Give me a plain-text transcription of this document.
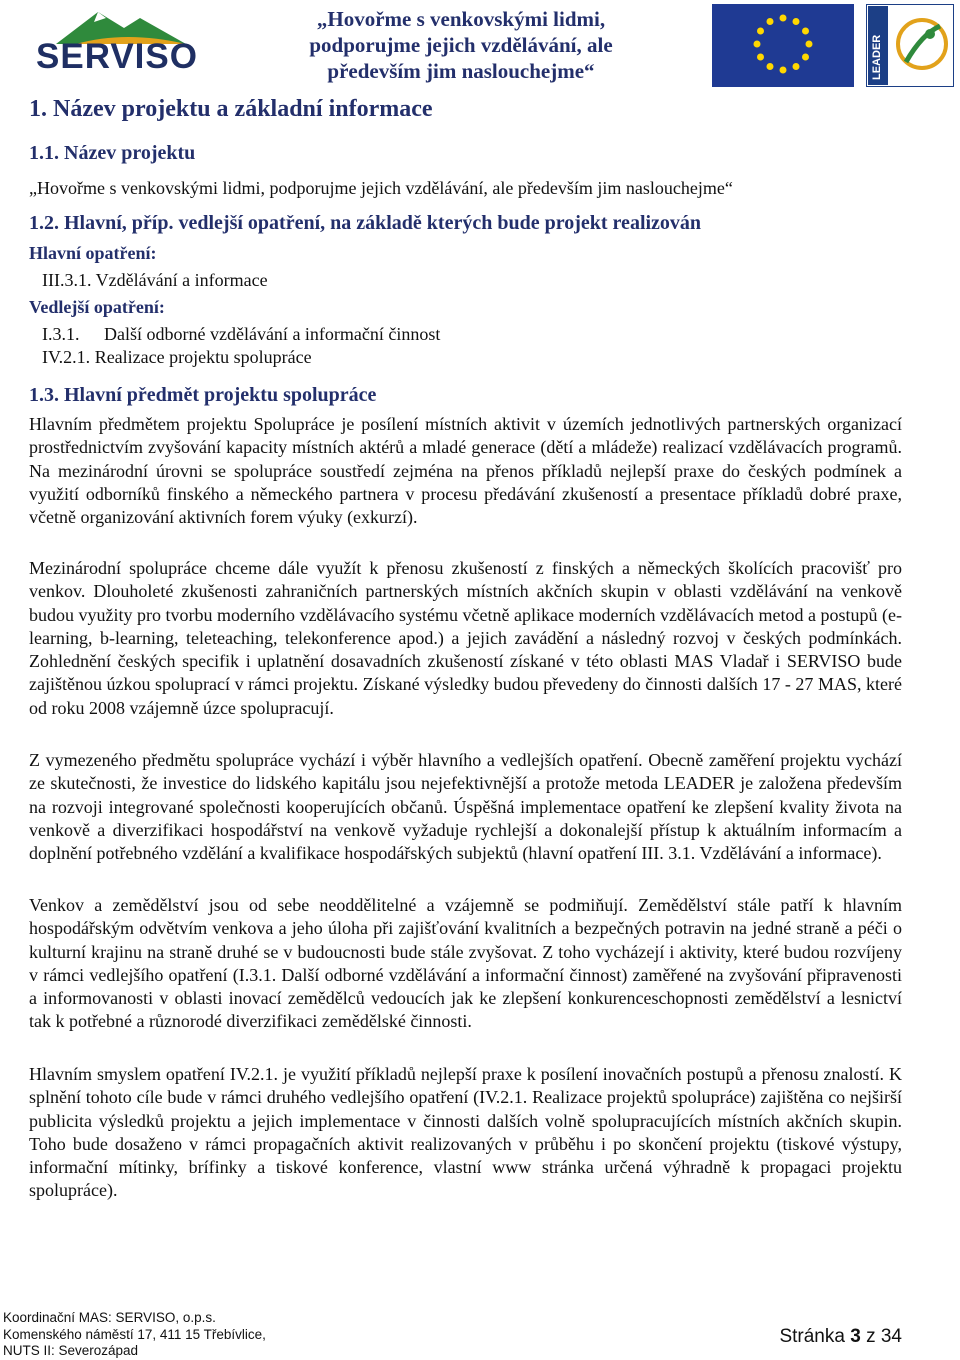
SERVISO
„Hovořme s venkovskými lidmi,
podporujme jejich vzdělávání, ale
především jim naslouchejme“	LEADER
1. Název projektu a základní informace
1.1. Název projektu
„Hovořme s venkovskými lidmi, podporujme jejich vzdělávání, ale především jim naslouchejme“
1.2. Hlavní, příp. vedlejší opatření, na základě kterých bude projekt realizován
Hlavní opatření:
III.3.1. Vzdělávání a informace
Vedlejší opatření:
I.3.1. Další odborné vzdělávání a informační činnost
IV.2.1. Realizace projektu spolupráce
1.3. Hlavní předmět projektu spolupráce

Hlavním předmětem projektu Spolupráce je posílení místních aktivit v územích jednotlivých partnerských organizací prostřednictvím zvyšování kapacity místních aktérů a mladé generace (dětí a mládeže) realizací vzdělávacích programů. Na mezinárodní úrovni se spolupráce soustředí zejména na přenos příkladů nejlepší praxe do českých podmínek a využití odborníků finského a německého partnera v procesu předávání zkušeností a presentace příkladů dobré praxe, včetně organizování aktivních forem výuky (exkurzí).

Mezinárodní spolupráce chceme dále využít k přenosu zkušeností z finských a německých školících pracovišť pro venkov. Dlouholeté zkušenosti zahraničních partnerských místních akčních skupin v oblasti vzdělávání na venkově budou využity pro tvorbu moderního vzdělávacího systému včetně aplikace moderních vzdělávacích metod a postupů (e-learning, b-learning, teleteaching, telekonference apod.) a jejich zavádění a následný rozvoj v českých podmínkách. Zohlednění českých specifik i uplatnění dosavadních zkušeností získané v této oblasti MAS Vladař i SERVISO bude zajištěnou úzkou spoluprací v rámci projektu. Získané výsledky budou převedeny do činnosti dalších 17 - 27 MAS, které od roku 2008 vzájemně úzce spolupracují.

Z vymezeného předmětu spolupráce vychází i výběr hlavního a vedlejších opatření. Obecně zaměření projektu vychází ze skutečnosti, že investice do lidského kapitálu jsou nejefektivnější a protože metoda LEADER je založena především na rozvoji integrované společnosti kooperujících občanů. Úspěšná implementace opatření ke zlepšení kvality života na venkově a diverzifikaci hospodářství na venkově vyžaduje rychlejší a dokonalejší přístup k aktuálním informacím a doplnění potřebného vzdělání a kvalifikace hospodářských subjektů (hlavní opatření III. 3.1. Vzdělávání a informace).

Venkov a zemědělství jsou od sebe neoddělitelné a vzájemně se podmiňují. Zemědělství stále patří k hlavním hospodářským odvětvím venkova a jeho úloha při zajišťování kvalitních a bezpečných potravin na jedné straně a péči o kulturní krajinu na straně druhé se v budoucnosti bude stále zvyšovat. Z toho vycházejí i aktivity, které budou rozvíjeny v rámci vedlejšího opatření (I.3.1. Další odborné vzdělávání a informační činnost) zaměřené na zvyšování připravenosti a informovanosti v oblasti inovací zemědělců vedoucích jak ke zlepšení konkurenceschopnosti zemědělství a lesnictví tak k potřebné a různorodé diverzifikaci zemědělské činnosti.

Hlavním smyslem opatření IV.2.1. je využití příkladů nejlepší praxe k posílení inovačních postupů a přenosu znalostí. K splnění tohoto cíle bude v rámci druhého vedlejšího opatření (IV.2.1. Realizace projektů spolupráce) zajištěna co nejširší publicita výsledků projektu a jejich implementace v činnosti dalších volně spolupracujících místních akčních skupin. Toho bude dosaženo v rámci propagačních aktivit realizovaných v průběhu i po skončení projektu (tiskové výstupy, informační mítinky, brífinky a tiskové konference, vlastní www stránka určená výhradně k propagaci projektu spolupráce).

Koordinační MAS: SERVISO, o.p.s.
Komenského náměstí 17, 411 15 Třebívlice,
NUTS II: Severozápad
Stránka 3 z 34
